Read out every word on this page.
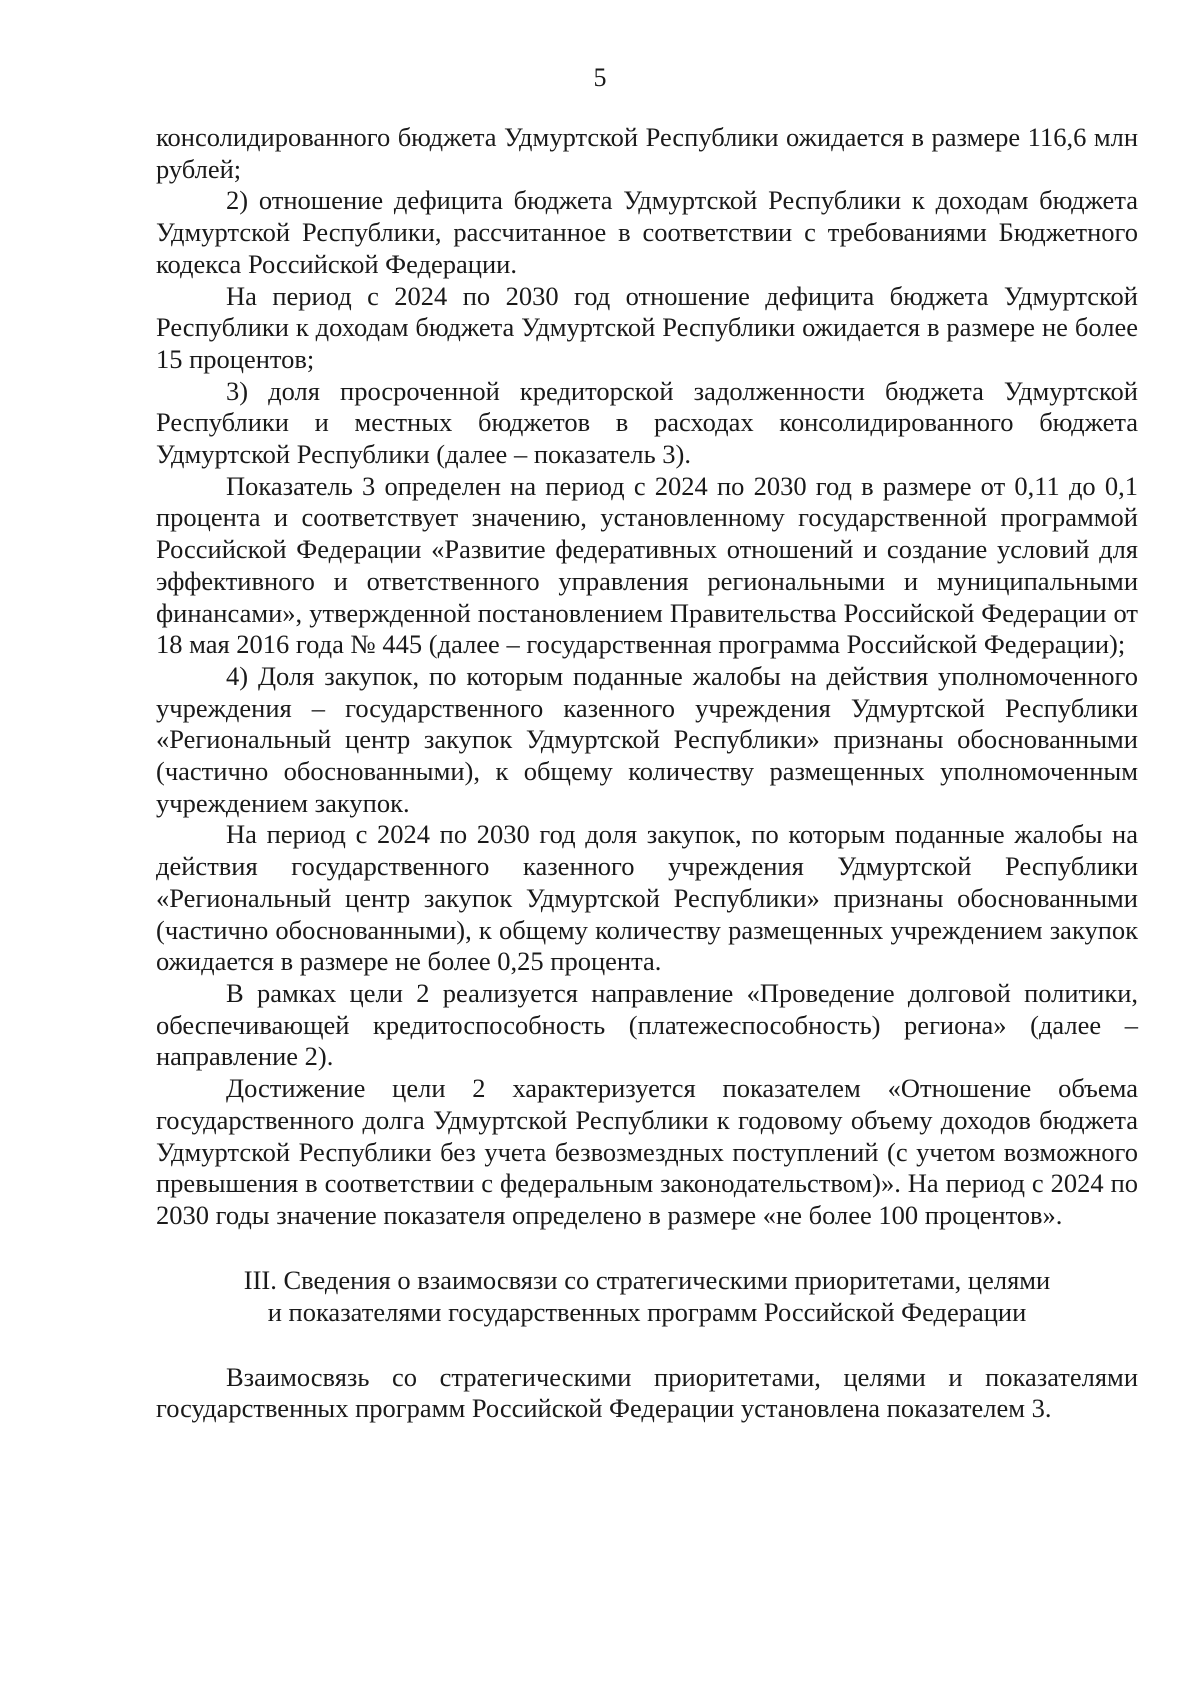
5

консолидированного бюджета Удмуртской Республики ожидается в размере 116,6 млн рублей;

2) отношение дефицита бюджета Удмуртской Республики к доходам бюджета Удмуртской Республики, рассчитанное в соответствии с требованиями Бюджетного кодекса Российской Федерации.

На период с 2024 по 2030 год отношение дефицита бюджета Удмуртской Республики к доходам бюджета Удмуртской Республики ожидается в размере не более 15 процентов;

3) доля просроченной кредиторской задолженности бюджета Удмуртской Республики и местных бюджетов в расходах консолидированного бюджета Удмуртской Республики (далее – показатель 3).

Показатель 3 определен на период с 2024 по 2030 год в размере от 0,11 до 0,1 процента и соответствует значению, установленному государственной программой Российской Федерации «Развитие федеративных отношений и создание условий для эффективного и ответственного управления региональными и муниципальными финансами», утвержденной постановлением Правительства Российской Федерации от 18 мая 2016 года № 445 (далее – государственная программа Российской Федерации);

4) Доля закупок, по которым поданные жалобы на действия уполномоченного учреждения – государственного казенного учреждения Удмуртской Республики «Региональный центр закупок Удмуртской Республики» признаны обоснованными (частично обоснованными), к общему количеству размещенных уполномоченным учреждением закупок.

На период с 2024 по 2030 год доля закупок, по которым поданные жалобы на действия государственного казенного учреждения Удмуртской Республики «Региональный центр закупок Удмуртской Республики» признаны обоснованными (частично обоснованными), к общему количеству размещенных учреждением закупок ожидается в размере не более 0,25 процента.

В рамках цели 2 реализуется направление «Проведение долговой политики, обеспечивающей кредитоспособность (платежеспособность) региона» (далее – направление 2).

Достижение цели 2 характеризуется показателем «Отношение объема государственного долга Удмуртской Республики к годовому объему доходов бюджета Удмуртской Республики без учета безвозмездных поступлений (с учетом возможного превышения в соответствии с федеральным законодательством)». На период с 2024 по 2030 годы значение показателя определено в размере «не более 100 процентов».

III. Сведения о взаимосвязи со стратегическими приоритетами, целями
и показателями государственных программ Российской Федерации

Взаимосвязь со стратегическими приоритетами, целями и показателями государственных программ Российской Федерации установлена показателем 3.
